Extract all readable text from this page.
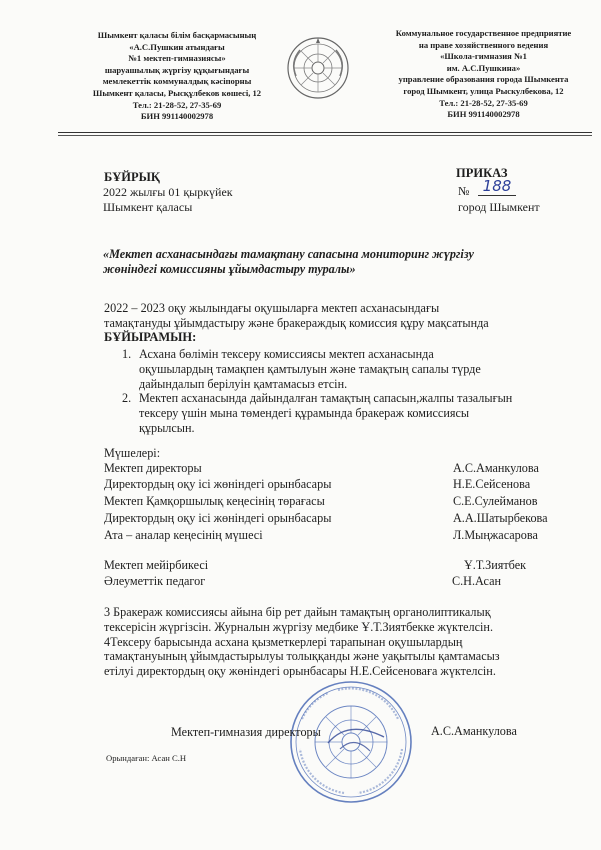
Шымкент қаласы білім басқармасының
«А.С.Пушкин атындағы
№1 мектеп-гимназиясы»
шаруашылық жүргізу құқығындағы
мемлекеттік коммуналдық кәсіпорны
Шымкент қаласы, Рысқұлбеков көшесі, 12
Тел.: 21-28-52, 27-35-69
БИН 991140002978
Коммунальное государственное предприятие
на праве хозяйственного ведения
«Школа-гимназия №1
им. А.С.Пушкина»
управление образования города Шымкента
город Шымкент, улица Рыскулбекова, 12
Тел.: 21-28-52, 27-35-69
БИН 991140002978
БҰЙРЫҚ
2022 жылғы 01 қыркүйек
Шымкент қаласы
ПРИКАЗ
№ 188
город Шымкент
«Мектеп асханасындағы тамақтану сапасына мониторинг жүргізу
жөніндегі комиссияны ұйымдастыру туралы»
2022 – 2023 оқу жылындағы оқушыларға мектеп асханасындағы
тамақтануды ұйымдастыру және бракераждық комиссия құру мақсатында
БҰЙЫРАМЫН:
1. Асхана бөлімін тексеру комиссиясы мектеп асханасында
оқушылардың тамақпен қамтылуын және тамақтың сапалы түрде
дайындалып берілуін қамтамасыз етсін.
2. Мектеп асханасында дайындалған тамақтың сапасын,жалпы тазалығын
тексеру үшін мына төмендегі құрамында бракераж комиссиясы
құрылсын.
Мүшелері:
Мектеп директоры	А.С.Аманкулова
Директордың оқу ісі жөніндегі орынбасары	Н.Е.Сейсенова
Мектеп Қамқоршылық кеңесінің төрағасы	С.Е.Сулейманов
Директордың оқу ісі жөніндегі орынбасары	А.А.Шатырбекова
Ата – аналар кеңесінің мүшесі	Л.Мыңжасарова
Мектеп мейірбикесі	Ұ.Т.Зиятбек
Әлеуметтік педагог	С.Н.Асан
3 Бракераж комиссиясы айына бір рет дайын тамақтың органолиптикалық
тексерісін жүргізсін. Журналын жүргізу медбике Ұ.Т.Зиятбекке жүктелсін.
4Тексеру барысында асхана қызметкерлері тарапынан оқушылардың
тамақтануының ұйымдастырылуы толыққанды және уақытылы қамтамасыз
етілуі директордың оқу жөніндегі орынбасары Н.Е.Сейсеноваға жүктелсін.
Мектеп-гимназия директоры	А.С.Аманкулова
Орындаған: Асан С.Н
